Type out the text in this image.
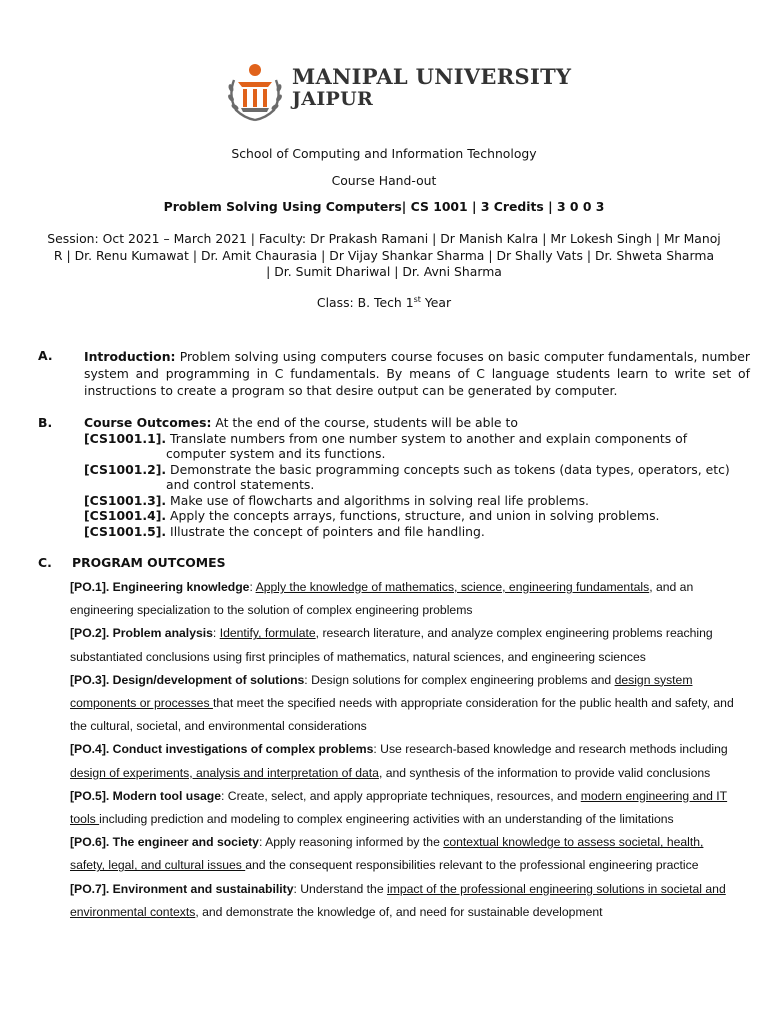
MANIPAL UNIVERSITY
JAIPUR
School of Computing and Information Technology
Course Hand-out
Problem Solving Using Computers| CS 1001 | 3 Credits | 3 0 0 3
Session: Oct 2021 – March 2021 | Faculty: Dr Prakash Ramani | Dr Manish Kalra | Mr Lokesh Singh | Mr Manoj
R | Dr. Renu Kumawat | Dr. Amit Chaurasia | Dr Vijay Shankar Sharma | Dr Shally Vats | Dr. Shweta Sharma
| Dr. Sumit Dhariwal | Dr. Avni Sharma
Class: B. Tech 1st Year
A.	Introduction: Problem solving using computers course focuses on basic computer fundamentals, number system and programming in C fundamentals. By means of C language students learn to write set of instructions to create a program so that desire output can be generated by computer.
B.	Course Outcomes: At the end of the course, students will be able to
[CS1001.1]. Translate numbers from one number system to another and explain components of computer system and its functions.
[CS1001.2]. Demonstrate the basic programming concepts such as tokens (data types, operators, etc) and control statements.
[CS1001.3]. Make use of flowcharts and algorithms in solving real life problems.
[CS1001.4]. Apply the concepts arrays, functions, structure, and union in solving problems.
[CS1001.5]. Illustrate the concept of pointers and file handling.
C. PROGRAM OUTCOMES

[PO.1]. Engineering knowledge: Apply the knowledge of mathematics, science, engineering fundamentals, and an engineering specialization to the solution of complex engineering problems

[PO.2]. Problem analysis: Identify, formulate, research literature, and analyze complex engineering problems reaching substantiated conclusions using first principles of mathematics, natural sciences, and engineering sciences

[PO.3]. Design/development of solutions: Design solutions for complex engineering problems and design system components or processes that meet the specified needs with appropriate consideration for the public health and safety, and the cultural, societal, and environmental considerations

[PO.4]. Conduct investigations of complex problems: Use research-based knowledge and research methods including design of experiments, analysis and interpretation of data, and synthesis of the information to provide valid conclusions

[PO.5]. Modern tool usage: Create, select, and apply appropriate techniques, resources, and modern engineering and IT tools including prediction and modeling to complex engineering activities with an understanding of the limitations

[PO.6]. The engineer and society: Apply reasoning informed by the contextual knowledge to assess societal, health, safety, legal, and cultural issues and the consequent responsibilities relevant to the professional engineering practice

[PO.7]. Environment and sustainability: Understand the impact of the professional engineering solutions in societal and environmental contexts, and demonstrate the knowledge of, and need for sustainable development
